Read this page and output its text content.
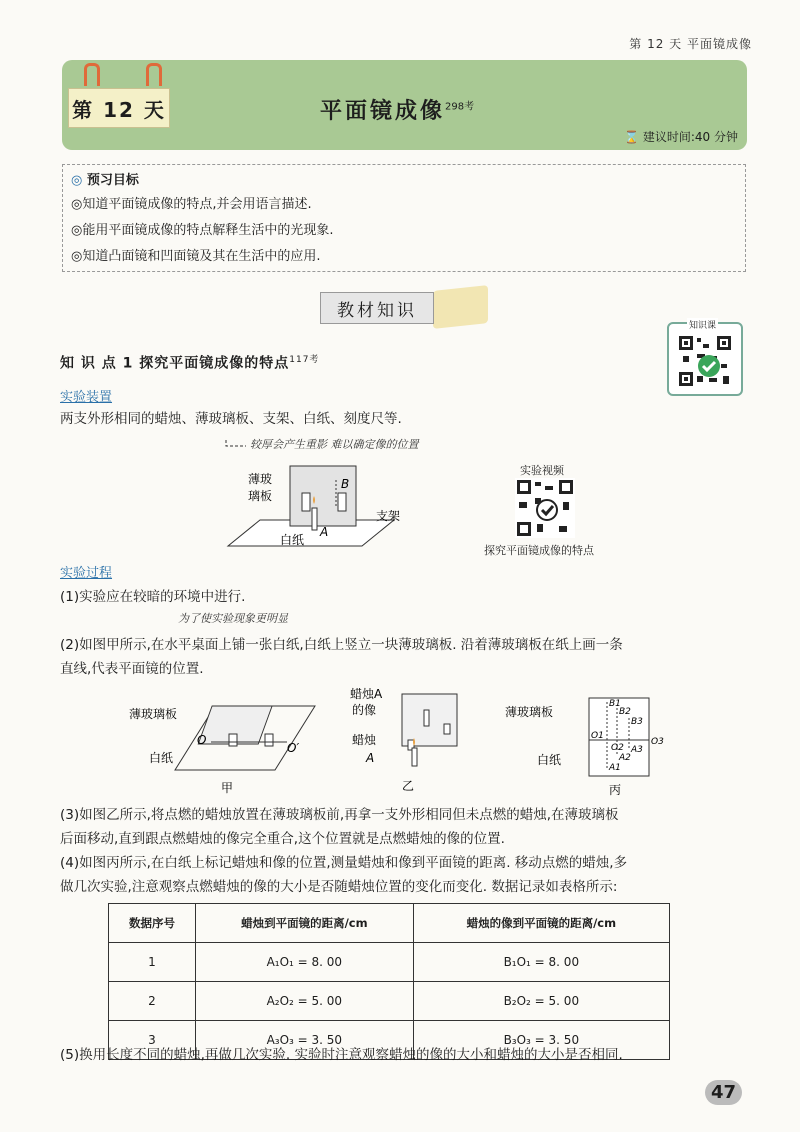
第 12 天 平面镜成像
第 12 天	平面镜成像$^{298考}$
⌛ 建议时间:40 分钟
◎ 预习目标
◎知道平面镜成像的特点,并会用语言描述.
◎能用平面镜成像的特点解释生活中的光现象.
◎知道凸面镜和凹面镜及其在生活中的应用.
教材知识
知识课
知 识 点 1 探究平面镜成像的特点$^{117考}$
实验装置
两支外形相同的蜡烛、薄玻璃板、支架、白纸、刻度尺等.
较厚会产生重影 难以确定像的位置
薄玻
璃板
B
A
支架
白纸
实验视频
探究平面镜成像的特点
实验过程
(1)实验应在较暗的环境中进行.
为了使实验现象更明显
(2)如图甲所示,在水平桌面上铺一张白纸,白纸上竖立一块薄玻璃板. 沿着薄玻璃板在纸上画一条
直线,代表平面镜的位置.
薄玻璃板
白纸
O
O′
甲
蜡烛A
的像
蜡烛
A
乙
薄玻璃板
白纸
B1
B2
B3
O1
O2
O3
A1
A2
A3
丙
(3)如图乙所示,将点燃的蜡烛放置在薄玻璃板前,再拿一支外形相同但未点燃的蜡烛,在薄玻璃板
后面移动,直到跟点燃蜡烛的像完全重合,这个位置就是点燃蜡烛的像的位置.
(4)如图丙所示,在白纸上标记蜡烛和像的位置,测量蜡烛和像到平面镜的距离. 移动点燃的蜡烛,多
做几次实验,注意观察点燃蜡烛的像的大小是否随蜡烛位置的变化而变化. 数据记录如表格所示:
数据序号	蜡烛到平面镜的距离/cm	蜡烛的像到平面镜的距离/cm
1	A₁O₁ = 8. 00	B₁O₁ = 8. 00
2	A₂O₂ = 5. 00	B₂O₂ = 5. 00
3	A₃O₃ = 3. 50	B₃O₃ = 3. 50
(5)换用长度不同的蜡烛,再做几次实验. 实验时注意观察蜡烛的像的大小和蜡烛的大小是否相同.
47
